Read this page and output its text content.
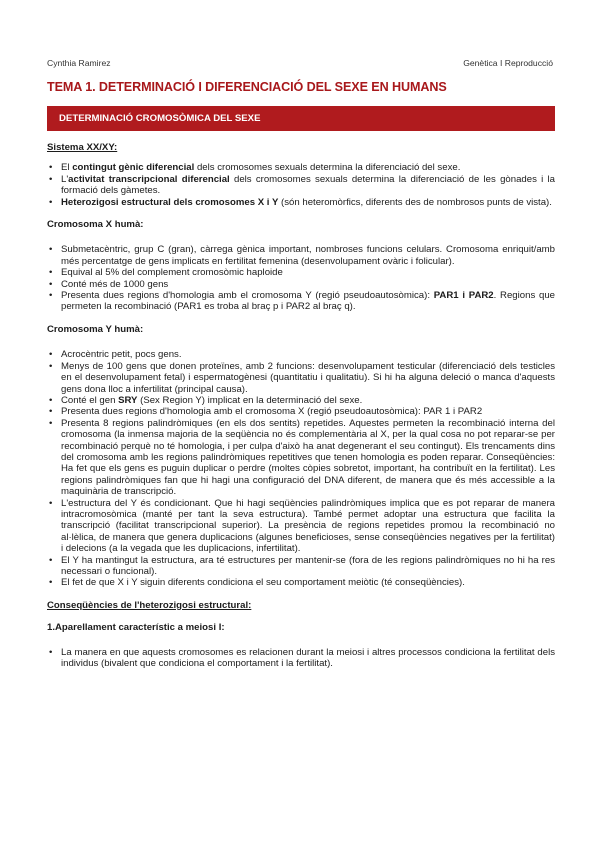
Cynthia Ramirez	Genètica I Reproducció
TEMA 1. DETERMINACIÓ I DIFERENCIACIÓ DEL SEXE EN HUMANS
DETERMINACIÓ CROMOSÒMICA DEL SEXE
Sistema XX/XY:
• El contingut gènic diferencial dels cromosomes sexuals determina la diferenciació del sexe.
• L'activitat transcripcional diferencial dels cromosomes sexuals determina la diferenciació de les gònades i la formació dels gàmetes.
• Heterozigosi estructural dels cromosomes X i Y (són heteromòrfics, diferents des de nombrosos punts de vista).
Cromosoma X humà:
• Submetacèntric, grup C (gran), càrrega gènica important, nombroses funcions celulars. Cromosoma enriquit/amb més percentatge de gens implicats en fertilitat femenina (desenvolupament ovàric i folicular).
• Equival al 5% del complement cromosòmic haploide
• Conté més de 1000 gens
• Presenta dues regions d'homologia amb el cromosoma Y (regió pseudoautosòmica): PAR1 i PAR2. Regions que permeten la recombinació (PAR1 es troba al braç p i PAR2 al braç q).
Cromosoma Y humà:
• Acrocèntric petit, pocs gens.
• Menys de 100 gens que donen proteïnes, amb 2 funcions: desenvolupament testicular (diferenciació dels testicles en el desenvolupament fetal) i espermatogènesi (quantitatiu i qualitatiu). Si hi ha alguna deleció o manca d'aquests gens dona lloc a infertilitat (principal causa).
• Conté el gen SRY (Sex Region Y) implicat en la determinació del sexe.
• Presenta dues regions d'homologia amb el cromosoma X (regió pseudoautosòmica): PAR 1 i PAR2
• Presenta 8 regions palindròmiques (en els dos sentits) repetides. Aquestes permeten la recombinació interna del cromosoma (la inmensa majoria de la seqüència no és complementària al X, per la qual cosa no pot reparar-se per recombinació perquè no té homologia, i per culpa d'això ha anat degenerant el seu contingut). Els trencaments dins del cromosoma amb les regions palindròmiques repetitives que tenen homologia es poden reparar. Conseqüències: Ha fet que els gens es puguin duplicar o perdre (moltes còpies sobretot, important, ha contribuït en la fertilitat). Les regions palindròmiques fan que hi hagi una configuració del DNA diferent, de manera que és més accessible a la maquinària de transcripció.
• L'estructura del Y és condicionant. Que hi hagi seqüències palindròmiques implica que es pot reparar de manera intracromosòmica (manté per tant la seva estructura). També permet adoptar una estructura que facilita la transcripció (facilitat transcripcional superior). La presència de regions repetides promou la recombinació no al·lèlica, de manera que genera duplicacions (algunes beneficioses, sense conseqüències negatives per la fertilitat) i delecions (a la vegada que les duplicacions, infertilitat).
• El Y ha mantingut la estructura, ara té estructures per mantenir-se (fora de les regions palindròmiques no hi ha res necessari o funcional).
• El fet de que X i Y siguin diferents condiciona el seu comportament meiòtic (té conseqüències).
Conseqüències de l'heterozigosi estructural:
1.Aparellament característic a meiosi I:
• La manera en que aquests cromosomes es relacionen durant la meiosi i altres processos condiciona la fertilitat dels individus (bivalent que condiciona el comportament i la fertilitat).
